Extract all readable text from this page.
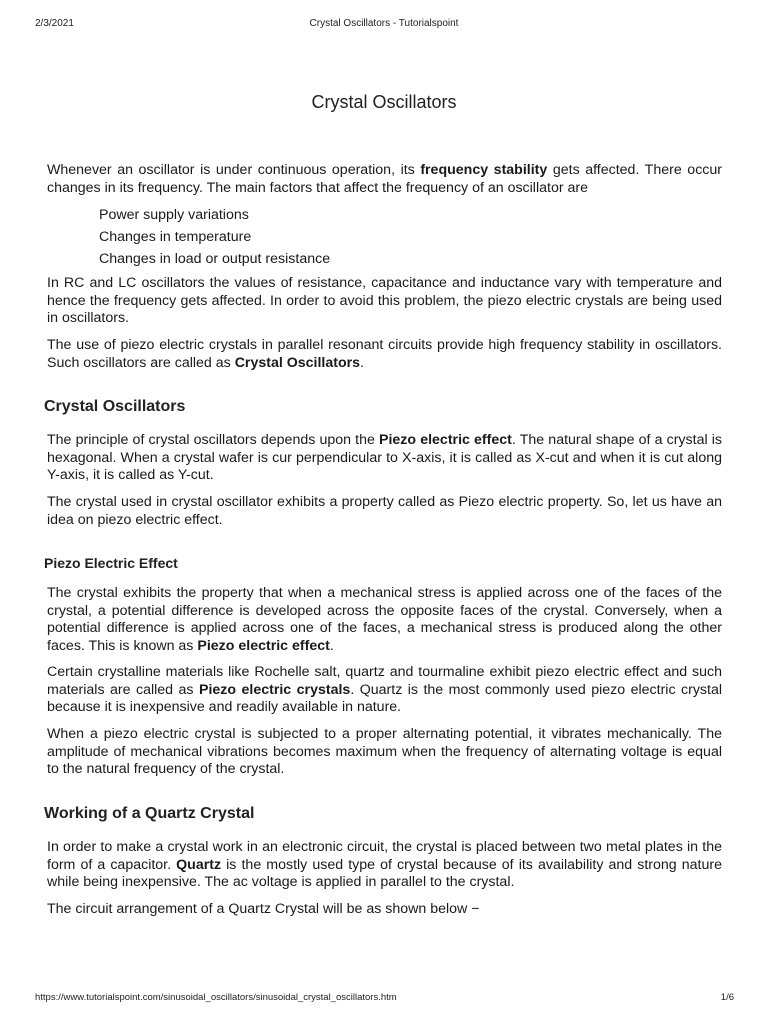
2/3/2021	Crystal Oscillators - Tutorialspoint
Crystal Oscillators

Whenever an oscillator is under continuous operation, its frequency stability gets affected. There occur changes in its frequency. The main factors that affect the frequency of an oscillator are

Power supply variations
Changes in temperature
Changes in load or output resistance

In RC and LC oscillators the values of resistance, capacitance and inductance vary with temperature and hence the frequency gets affected. In order to avoid this problem, the piezo electric crystals are being used in oscillators.

The use of piezo electric crystals in parallel resonant circuits provide high frequency stability in oscillators. Such oscillators are called as Crystal Oscillators.

Crystal Oscillators

The principle of crystal oscillators depends upon the Piezo electric effect. The natural shape of a crystal is hexagonal. When a crystal wafer is cur perpendicular to X-axis, it is called as X-cut and when it is cut along Y-axis, it is called as Y-cut.

The crystal used in crystal oscillator exhibits a property called as Piezo electric property. So, let us have an idea on piezo electric effect.

Piezo Electric Effect

The crystal exhibits the property that when a mechanical stress is applied across one of the faces of the crystal, a potential difference is developed across the opposite faces of the crystal. Conversely, when a potential difference is applied across one of the faces, a mechanical stress is produced along the other faces. This is known as Piezo electric effect.

Certain crystalline materials like Rochelle salt, quartz and tourmaline exhibit piezo electric effect and such materials are called as Piezo electric crystals. Quartz is the most commonly used piezo electric crystal because it is inexpensive and readily available in nature.

When a piezo electric crystal is subjected to a proper alternating potential, it vibrates mechanically. The amplitude of mechanical vibrations becomes maximum when the frequency of alternating voltage is equal to the natural frequency of the crystal.

Working of a Quartz Crystal

In order to make a crystal work in an electronic circuit, the crystal is placed between two metal plates in the form of a capacitor. Quartz is the mostly used type of crystal because of its availability and strong nature while being inexpensive. The ac voltage is applied in parallel to the crystal.

The circuit arrangement of a Quartz Crystal will be as shown below −

https://www.tutorialspoint.com/sinusoidal_oscillators/sinusoidal_crystal_oscillators.htm	1/6
